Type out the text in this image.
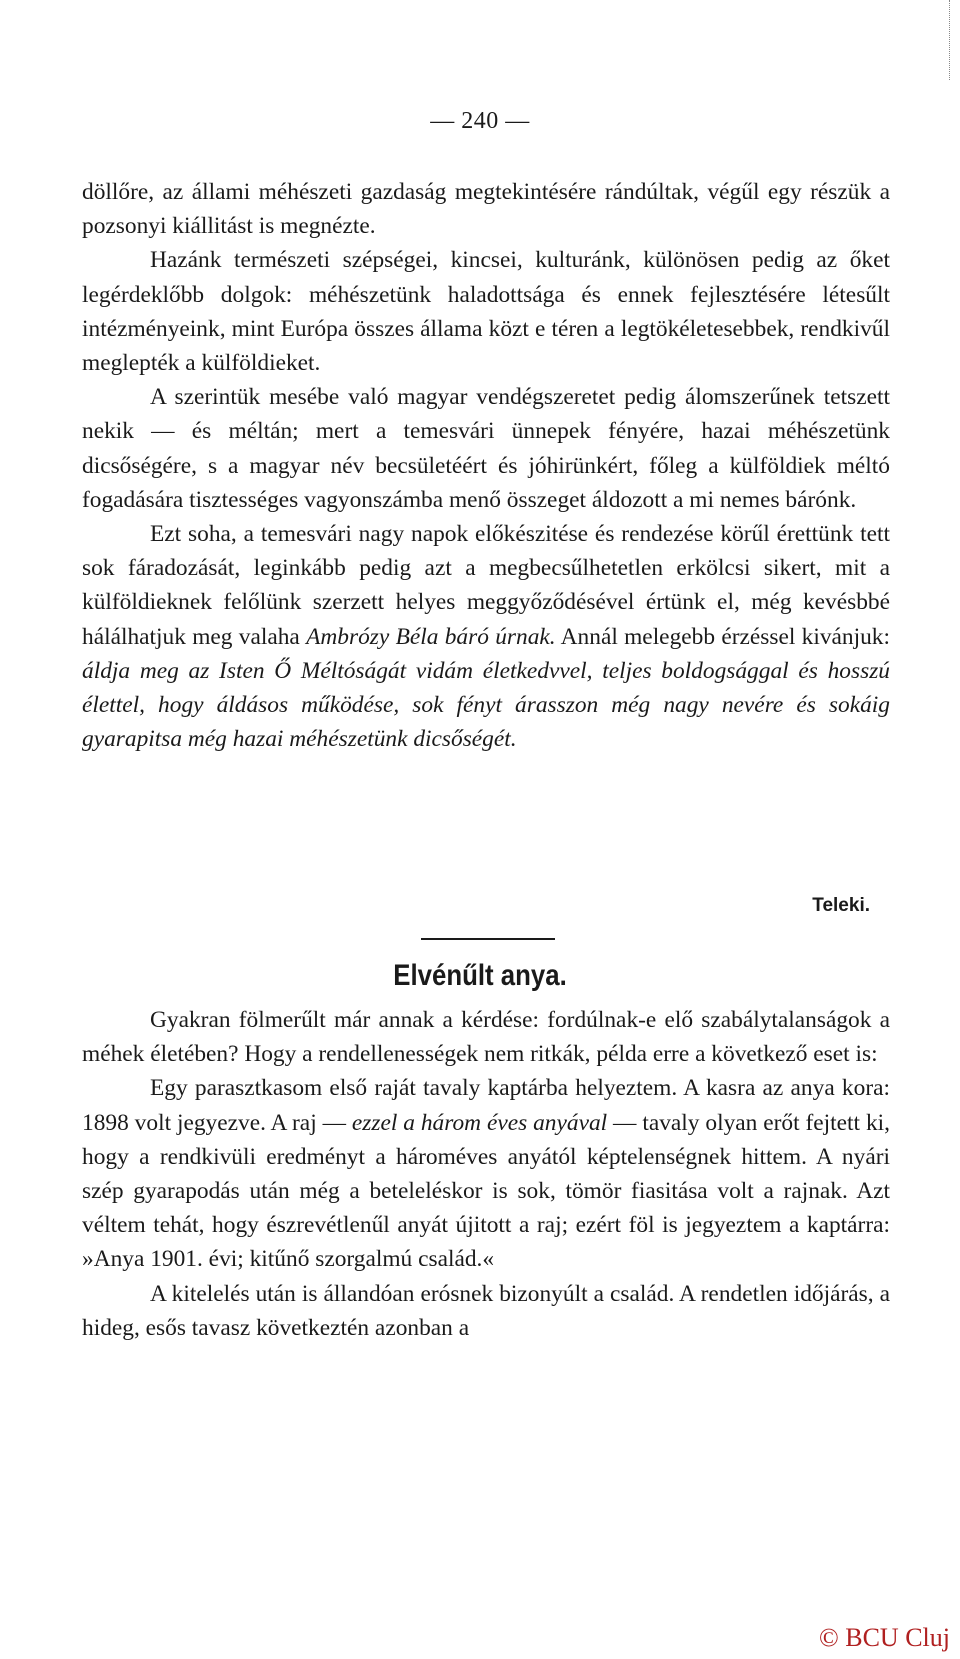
— 240 —

döllőre, az állami méhészeti gazdaság megtekintésére rándúltak, végűl egy részük a pozsonyi kiállitást is megnézte.

Hazánk természeti szépségei, kincsei, kulturánk, különösen pedig az őket legérdeklőbb dolgok: méhészetünk haladottsága és ennek fejlesztésére létesűlt intézményeink, mint Európa összes állama közt e téren a legtökéletesebbek, rendkivűl meglepték a külföldieket.

A szerintük mesébe való magyar vendégszeretet pedig álomszerűnek tetszett nekik — és méltán; mert a temesvári ünnepek fényére, hazai méhészetünk dicsőségére, s a magyar név becsületéért és jóhirünkért, főleg a külföldiek méltó fogadására tisztességes vagyonszámba menő összeget áldozott a mi nemes bárónk.

Ezt soha, a temesvári nagy napok előkészitése és rendezése körűl érettünk tett sok fáradozását, leginkább pedig azt a megbecsűlhetetlen erkölcsi sikert, mit a külföldieknek felőlünk szerzett helyes meggyőződésével értünk el, még kevésbbé hálálhatjuk meg valaha Ambrózy Béla báró úrnak. Annál melegebb érzéssel kivánjuk: áldja meg az Isten Ő Méltóságát vidám életkedvvel, teljes boldogsággal és hosszú élettel, hogy áldásos működése, sok fényt árasszon még nagy nevére és sokáig gyarapitsa még hazai méhészetünk dicsőségét.

Teleki.
Elvénűlt anya.

Gyakran fölmerűlt már annak a kérdése: fordúlnak-e elő szabálytalanságok a méhek életében? Hogy a rendellenességek nem ritkák, példa erre a következő eset is:

Egy parasztkasom első raját tavaly kaptárba helyeztem. A kasra az anya kora: 1898 volt jegyezve. A raj — ezzel a három éves anyával — tavaly olyan erőt fejtett ki, hogy a rendkivüli eredményt a hároméves anyától képtelenségnek hittem. A nyári szép gyarapodás után még a beteleléskor is sok, tömör fiasitása volt a rajnak. Azt véltem tehát, hogy észrevétlenűl anyát újitott a raj; ezért föl is jegyeztem a kaptárra: »Anya 1901. évi; kitűnő szorgalmú család.«

A kitelelés után is állandóan erósnek bizonyúlt a család. A rendetlen időjárás, a hideg, esős tavasz következtén azonban a

© BCU Cluj
